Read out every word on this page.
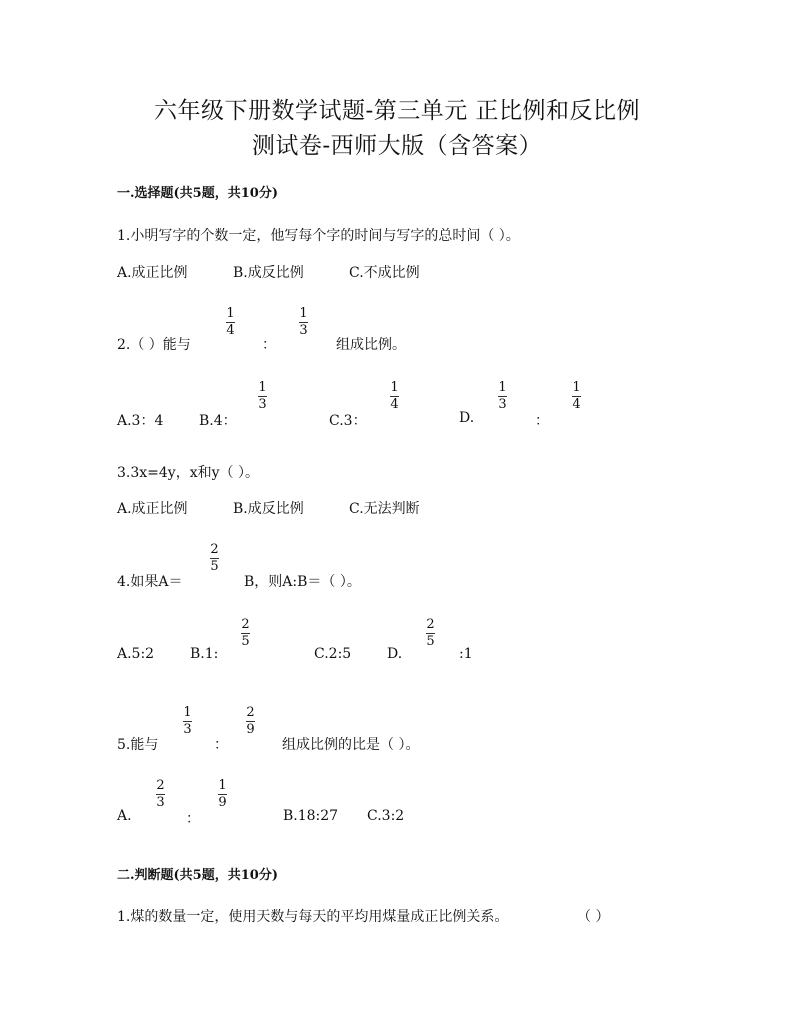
六年级下册数学试题-第三单元 正比例和反比例
测试卷-西师大版（含答案）
一.选择题(共5题，共10分)
1.小明写字的个数一定，他写每个字的时间与写字的总时间（ ）。
A.成正比例	B.成反比例	C.不成比例
2.（ ）能与
1
4
：
1
3
组成比例。
A.3：4	B.4：
1
3
C.3：
1
4
D.
1
3
：
1
4
3.3x=4y，x和y（ ）。
A.成正比例	B.成反比例	C.无法判断
4.如果A＝
2
5
B，则A:B＝（ ）。
A.5:2	B.1:
2
5
C.2:5	D.
2
5
:1
5.能与
1
3
：
2
9
组成比例的比是（ ）。
A.
2
3
：
1
9
B.18:27 C.3:2
二.判断题(共5题，共10分)
1.煤的数量一定，使用天数与每天的平均用煤量成正比例关系。	（ ）
